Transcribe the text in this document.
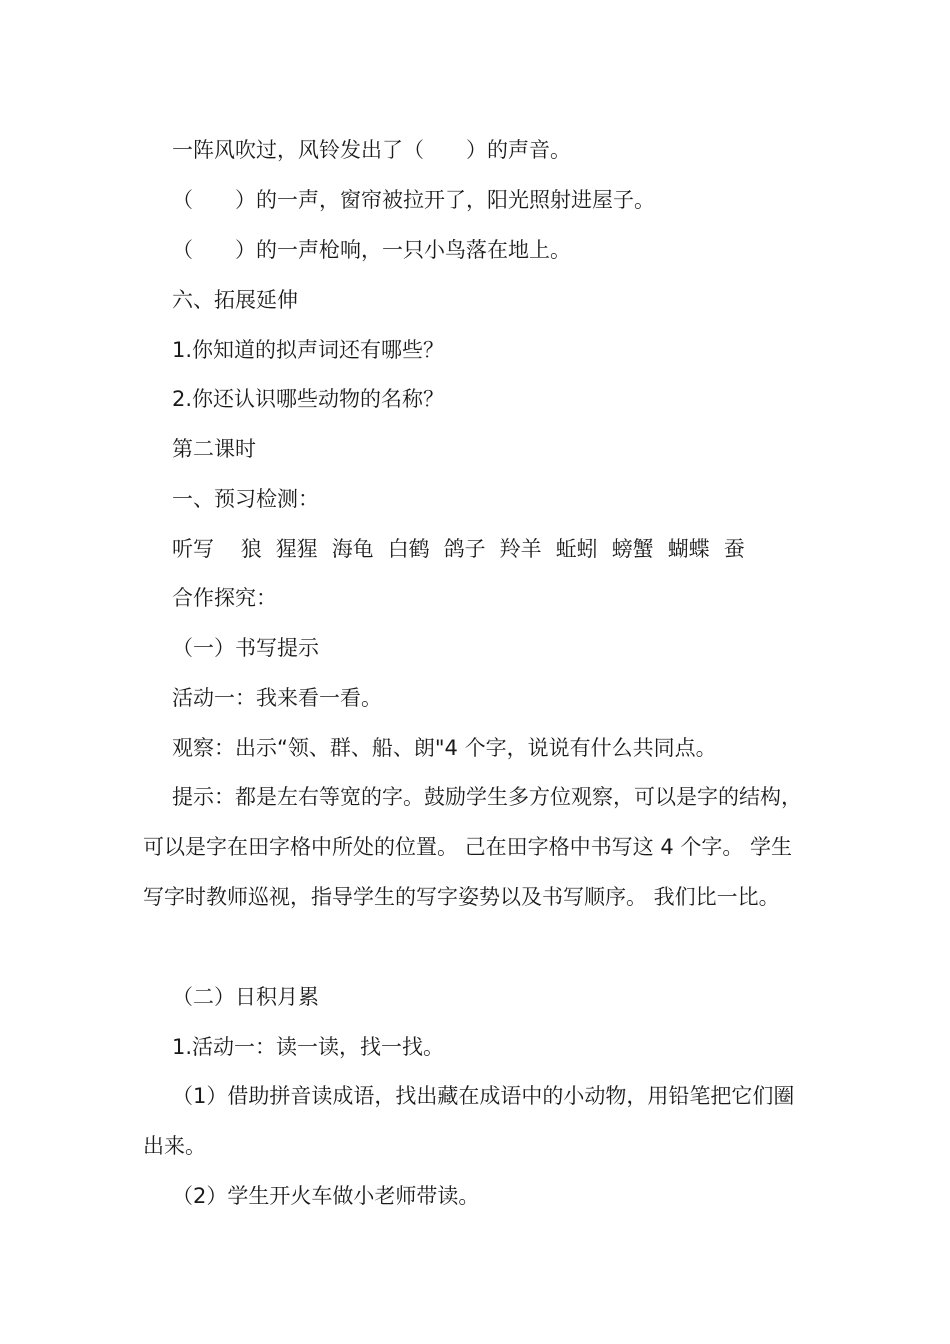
一阵风吹过，风铃发出了（　　）的声音。
（　　）的一声，窗帘被拉开了，阳光照射进屋子。
（　　）的一声枪响，一只小鸟落在地上。
六、拓展延伸
1.你知道的拟声词还有哪些？
2.你还认识哪些动物的名称？
第二课时
一、预习检测：
听写 狼 猩猩 海龟 白鹤 鸽子 羚羊 蚯蚓 螃蟹 蝴蝶 蚕
合作探究：
（一）书写提示
活动一：我来看一看。
观察：出示“领、群、船、朗"4 个字，说说有什么共同点。
提示：都是左右等宽的字。鼓励学生多方位观察，可以是字的结构，可以是字在田字格中所处的位置。 己在田字格中书写这 4 个字。 学生写字时教师巡视，指导学生的写字姿势以及书写顺序。 我们比一比。
（二）日积月累
1.活动一：读一读，找一找。
（1）借助拼音读成语，找出藏在成语中的小动物，用铅笔把它们圈出来。
（2）学生开火车做小老师带读。
